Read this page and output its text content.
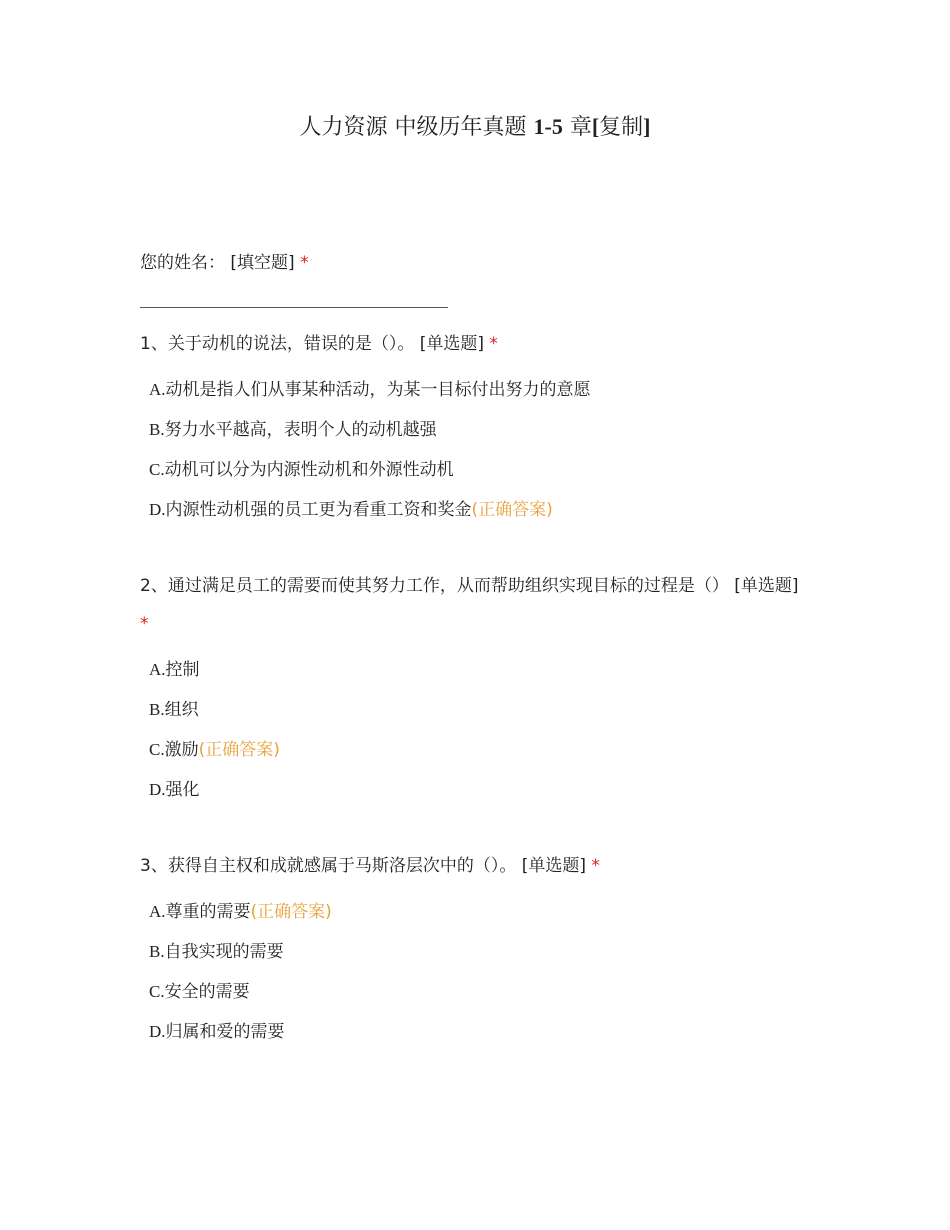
人力资源 中级历年真题 1-5 章[复制]
您的姓名： [填空题] *
1、关于动机的说法，错误的是（）。 [单选题] *
A.动机是指人们从事某种活动，为某一目标付出努力的意愿
B.努力水平越高，表明个人的动机越强
C.动机可以分为内源性动机和外源性动机
D.内源性动机强的员工更为看重工资和奖金(正确答案)
2、通过满足员工的需要而使其努力工作，从而帮助组织实现目标的过程是（） [单选题] *
A.控制
B.组织
C.激励(正确答案)
D.强化
3、获得自主权和成就感属于马斯洛层次中的（）。 [单选题] *
A.尊重的需要(正确答案)
B.自我实现的需要
C.安全的需要
D.归属和爱的需要
